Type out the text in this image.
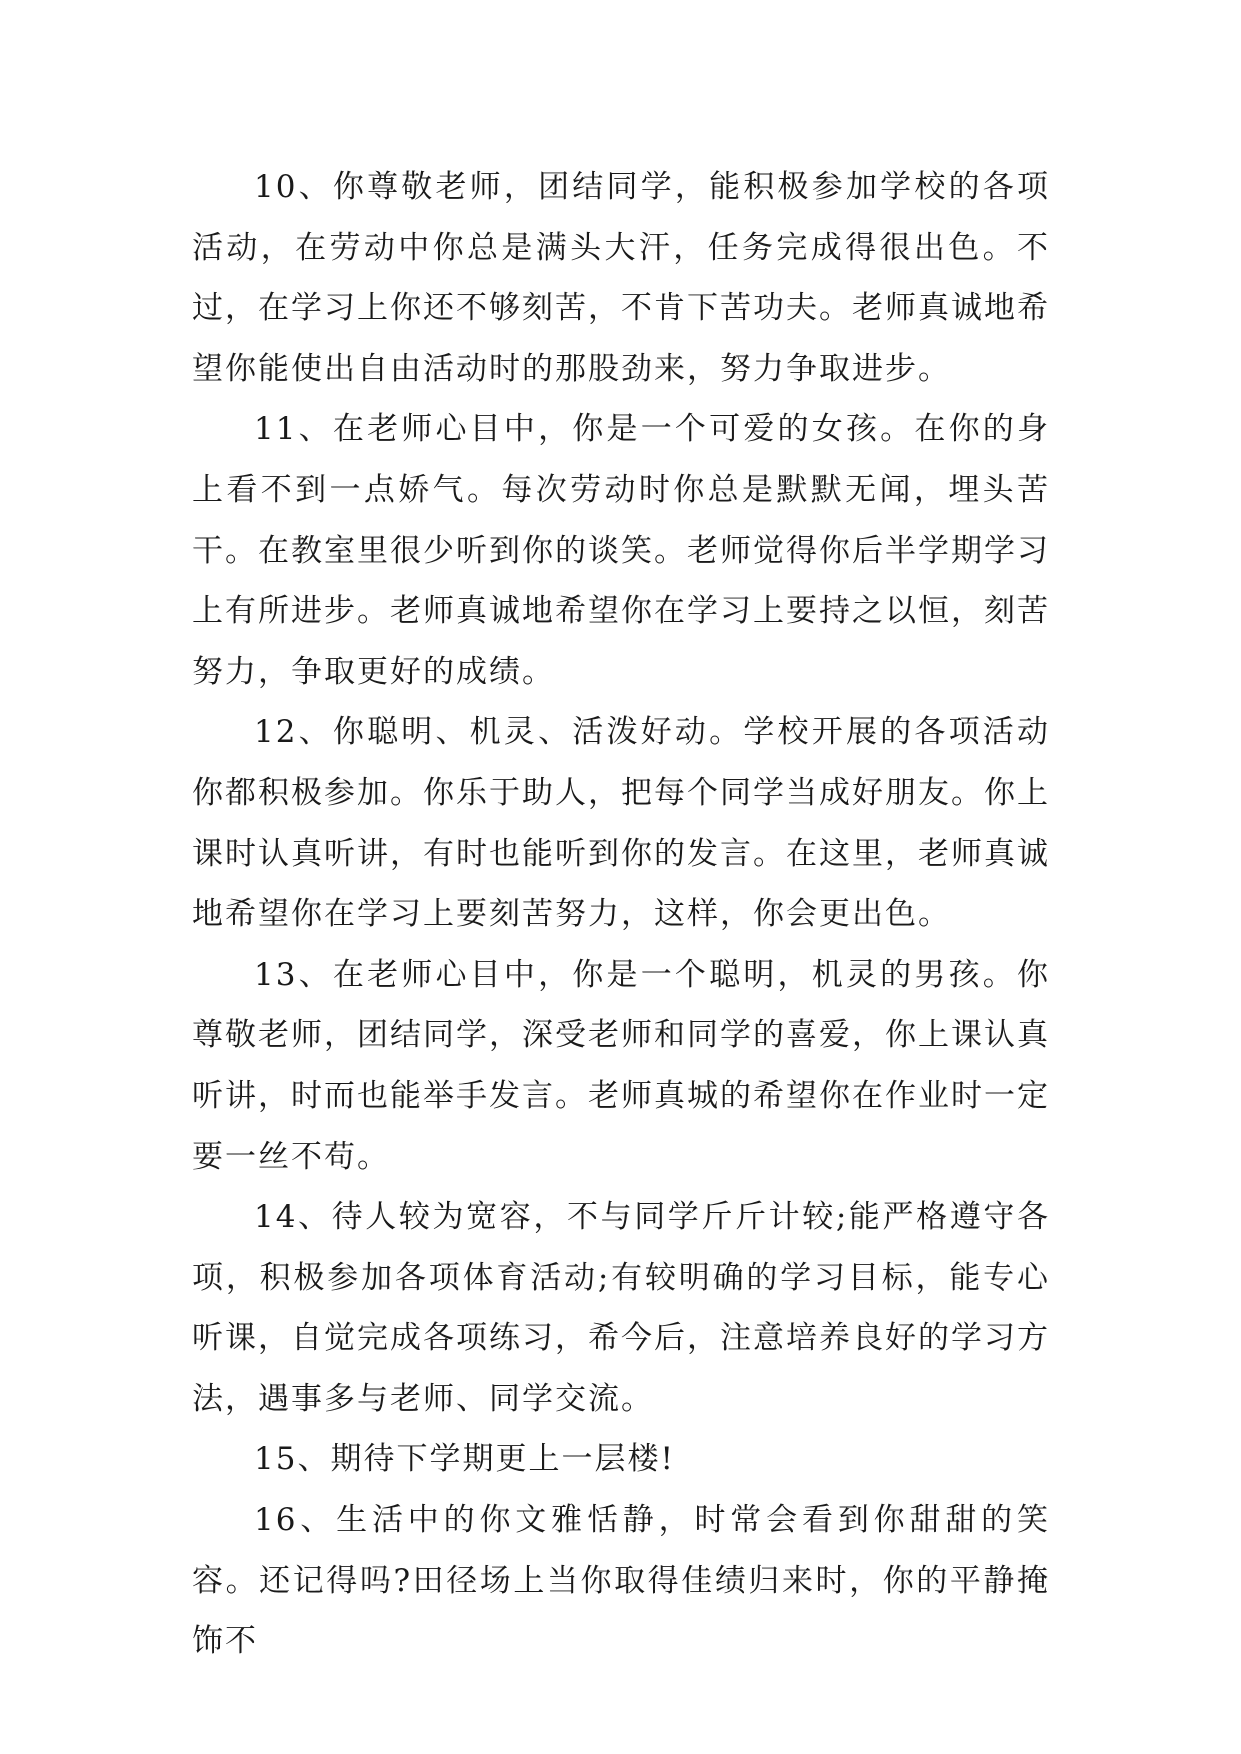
10、你尊敬老师，团结同学，能积极参加学校的各项活动，在劳动中你总是满头大汗，任务完成得很出色。不过，在学习上你还不够刻苦，不肯下苦功夫。老师真诚地希望你能使出自由活动时的那股劲来，努力争取进步。

11、在老师心目中，你是一个可爱的女孩。在你的身上看不到一点娇气。每次劳动时你总是默默无闻，埋头苦干。在教室里很少听到你的谈笑。老师觉得你后半学期学习上有所进步。老师真诚地希望你在学习上要持之以恒，刻苦努力，争取更好的成绩。

12、你聪明、机灵、活泼好动。学校开展的各项活动你都积极参加。你乐于助人，把每个同学当成好朋友。你上课时认真听讲，有时也能听到你的发言。在这里，老师真诚地希望你在学习上要刻苦努力，这样，你会更出色。

13、在老师心目中，你是一个聪明，机灵的男孩。你尊敬老师，团结同学，深受老师和同学的喜爱，你上课认真听讲，时而也能举手发言。老师真城的希望你在作业时一定要一丝不苟。

14、待人较为宽容，不与同学斤斤计较;能严格遵守各项，积极参加各项体育活动;有较明确的学习目标，能专心听课，自觉完成各项练习，希今后，注意培养良好的学习方法，遇事多与老师、同学交流。

15、期待下学期更上一层楼!

16、生活中的你文雅恬静，时常会看到你甜甜的笑容。还记得吗?田径场上当你取得佳绩归来时，你的平静掩饰不
